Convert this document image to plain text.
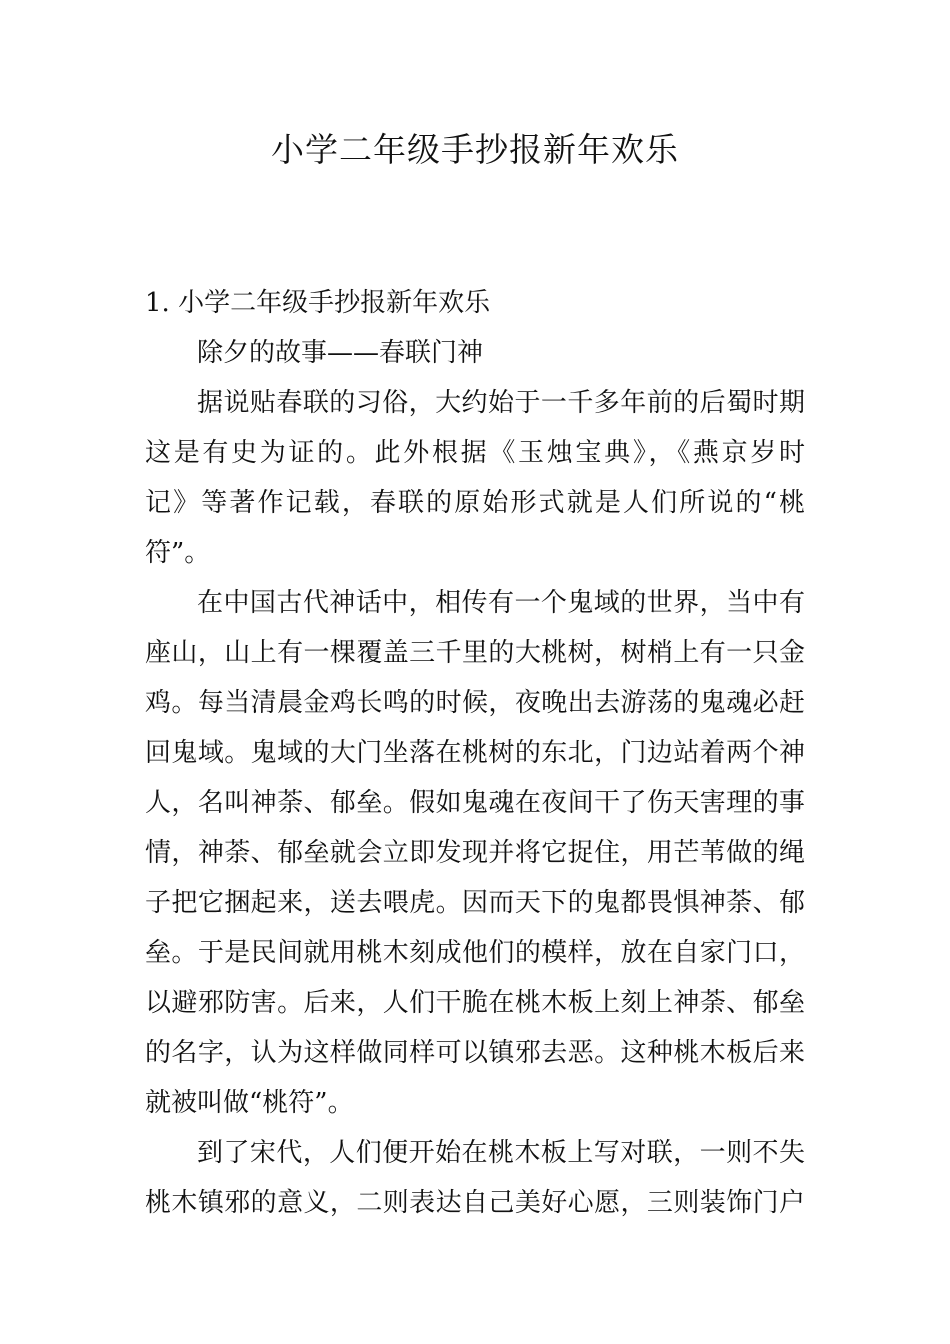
小学二年级手抄报新年欢乐
1. 小学二年级手抄报新年欢乐
除夕的故事——春联门神
据说贴春联的习俗，大约始于一千多年前的后蜀时期
这是有史为证的。此外根据《玉烛宝典》，《燕京岁时
记》等著作记载，春联的原始形式就是人们所说的“桃
符”。
在中国古代神话中，相传有一个鬼域的世界，当中有
座山，山上有一棵覆盖三千里的大桃树，树梢上有一只金
鸡。每当清晨金鸡长鸣的时候，夜晚出去游荡的鬼魂必赶
回鬼域。鬼域的大门坐落在桃树的东北，门边站着两个神
人，名叫神荼、郁垒。假如鬼魂在夜间干了伤天害理的事
情，神荼、郁垒就会立即发现并将它捉住，用芒苇做的绳
子把它捆起来，送去喂虎。因而天下的鬼都畏惧神荼、郁
垒。于是民间就用桃木刻成他们的模样，放在自家门口，
以避邪防害。后来，人们干脆在桃木板上刻上神荼、郁垒
的名字，认为这样做同样可以镇邪去恶。这种桃木板后来
就被叫做“桃符”。
到了宋代，人们便开始在桃木板上写对联，一则不失
桃木镇邪的意义，二则表达自己美好心愿，三则装饰门户
